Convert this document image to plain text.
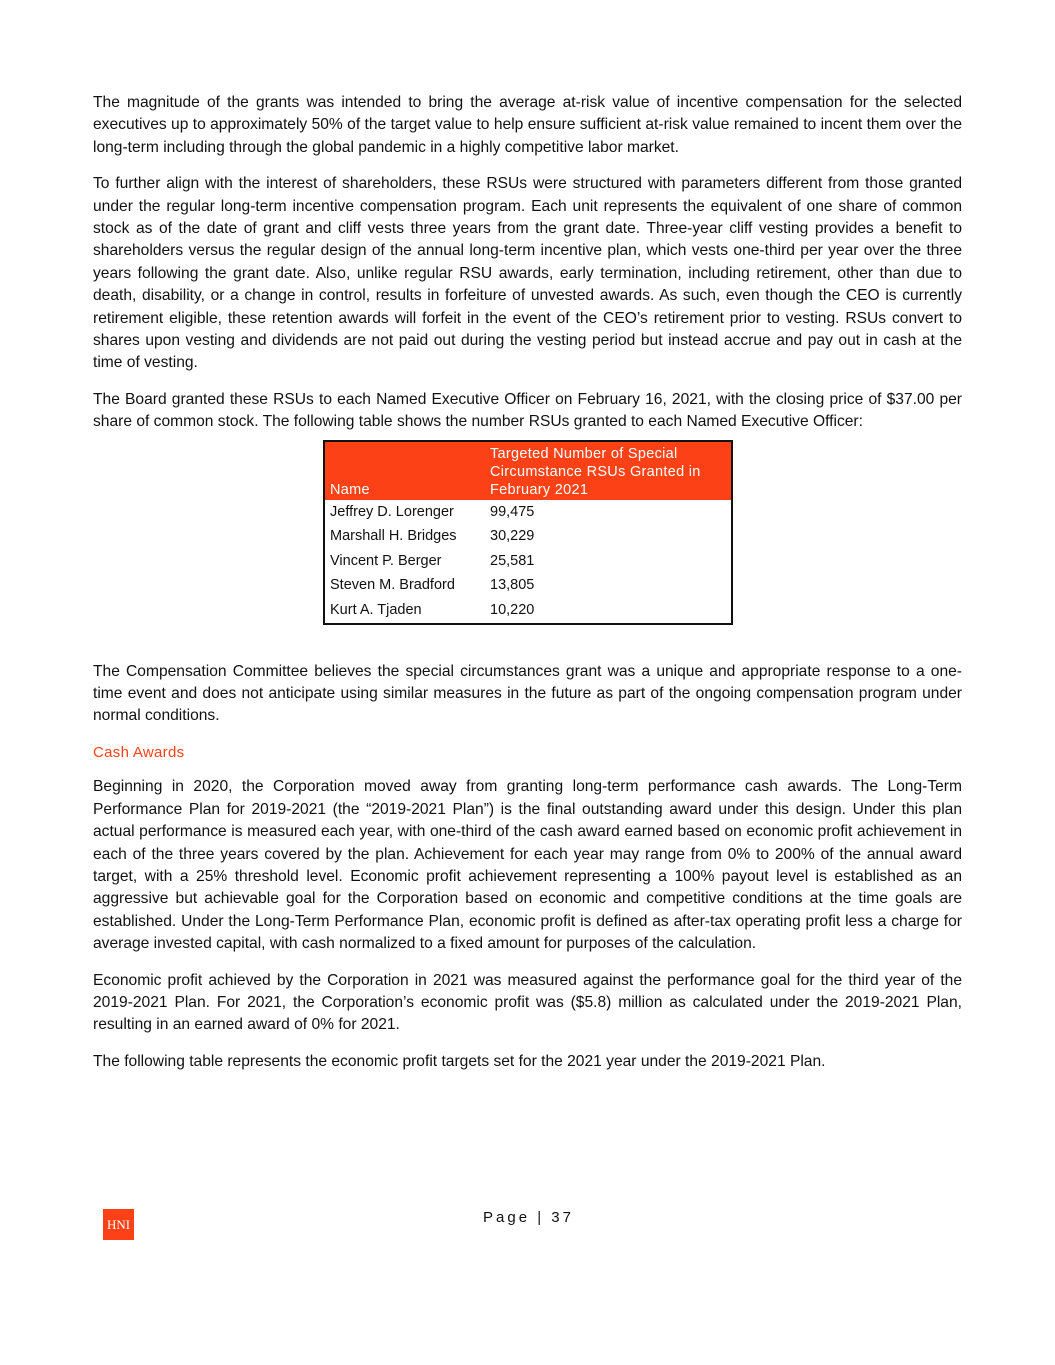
The magnitude of the grants was intended to bring the average at-risk value of incentive compensation for the selected executives up to approximately 50% of the target value to help ensure sufficient at-risk value remained to incent them over the long-term including through the global pandemic in a highly competitive labor market.

To further align with the interest of shareholders, these RSUs were structured with parameters different from those granted under the regular long-term incentive compensation program. Each unit represents the equivalent of one share of common stock as of the date of grant and cliff vests three years from the grant date. Three-year cliff vesting provides a benefit to shareholders versus the regular design of the annual long-term incentive plan, which vests one-third per year over the three years following the grant date. Also, unlike regular RSU awards, early termination, including retirement, other than due to death, disability, or a change in control, results in forfeiture of unvested awards. As such, even though the CEO is currently retirement eligible, these retention awards will forfeit in the event of the CEO’s retirement prior to vesting. RSUs convert to shares upon vesting and dividends are not paid out during the vesting period but instead accrue and pay out in cash at the time of vesting.

The Board granted these RSUs to each Named Executive Officer on February 16, 2021, with the closing price of $37.00 per share of common stock. The following table shows the number RSUs granted to each Named Executive Officer:

Name	Targeted Number of Special Circumstance RSUs Granted in February 2021
Jeffrey D. Lorenger	99,475
Marshall H. Bridges	30,229
Vincent P. Berger	25,581
Steven M. Bradford	13,805
Kurt A. Tjaden	10,220

The Compensation Committee believes the special circumstances grant was a unique and appropriate response to a one-time event and does not anticipate using similar measures in the future as part of the ongoing compensation program under normal conditions.

Cash Awards

Beginning in 2020, the Corporation moved away from granting long-term performance cash awards. The Long-Term Performance Plan for 2019-2021 (the “2019-2021 Plan”) is the final outstanding award under this design. Under this plan actual performance is measured each year, with one-third of the cash award earned based on economic profit achievement in each of the three years covered by the plan. Achievement for each year may range from 0% to 200% of the annual award target, with a 25% threshold level. Economic profit achievement representing a 100% payout level is established as an aggressive but achievable goal for the Corporation based on economic and competitive conditions at the time goals are established. Under the Long-Term Performance Plan, economic profit is defined as after-tax operating profit less a charge for average invested capital, with cash normalized to a fixed amount for purposes of the calculation.

Economic profit achieved by the Corporation in 2021 was measured against the performance goal for the third year of the 2019-2021 Plan. For 2021, the Corporation’s economic profit was ($5.8) million as calculated under the 2019-2021 Plan, resulting in an earned award of 0% for 2021.

The following table represents the economic profit targets set for the 2021 year under the 2019-2021 Plan.

HNI	Page | 37
